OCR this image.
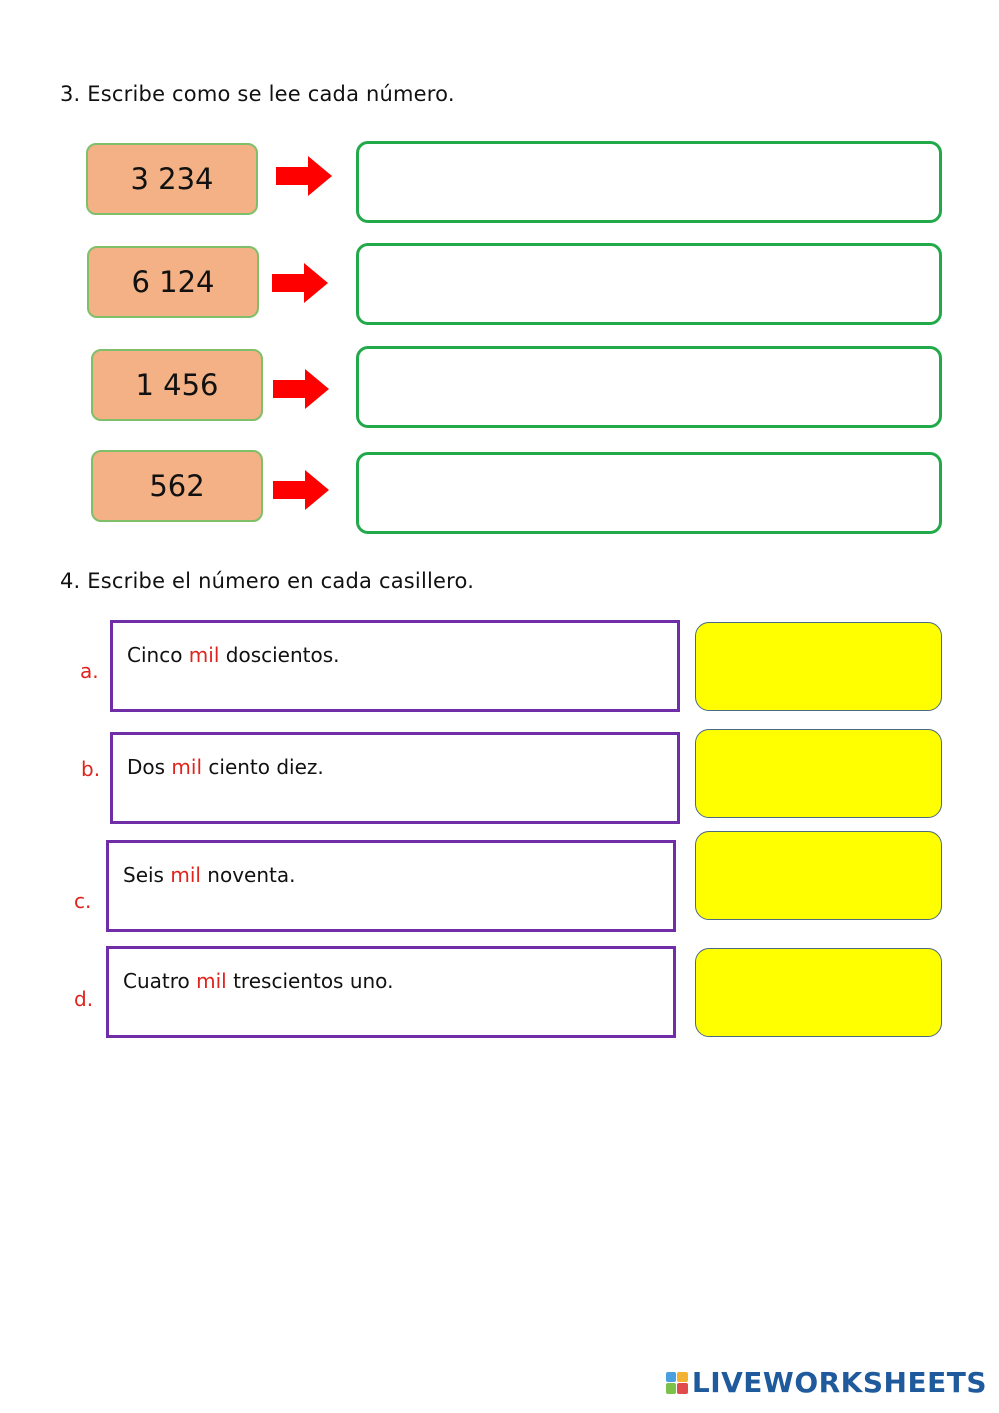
3. Escribe como se lee cada número.
3 234
6 124
1 456
562
4. Escribe el número en cada casillero.
a.
Cinco mil doscientos.
b.	Dos mil ciento diez.
c.
Seis mil noventa.
d.
Cuatro mil trescientos uno.
LIVEWORKSHEETS
